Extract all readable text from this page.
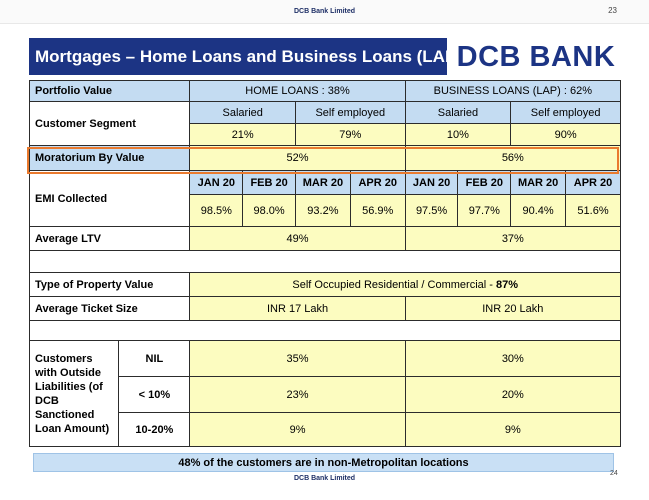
DCB Bank Limited	23
Mortgages – Home Loans and Business Loans (LAP)
DCB BANK
Portfolio Value		HOME LOANS : 38%				BUSINESS LOANS (LAP) : 62%			
Customer Segment		Salaried		Self employed		Salaried		Self employed	
		21%		79%		10%		90%	
Moratorium By Value		52%				56%			
EMI Collected		JAN 20	FEB 20	MAR 20	APR 20	JAN 20	FEB 20	MAR 20	APR 20
		98.5%	98.0%	93.2%	56.9%	97.5%	97.7%	90.4%	51.6%
Average LTV		49%				37%			

Type of Property Value		Self Occupied Residential / Commercial - 87%							
Average Ticket Size		INR 17 Lakh				INR 20 Lakh			

Customers with Outside Liabilities (of DCB Sanctioned Loan Amount)	NIL	35%				30%			
	< 10%	23%				20%			
	10-20%	9%				9%			
48% of the customers are in non-Metropolitan locations
DCB Bank Limited
24
